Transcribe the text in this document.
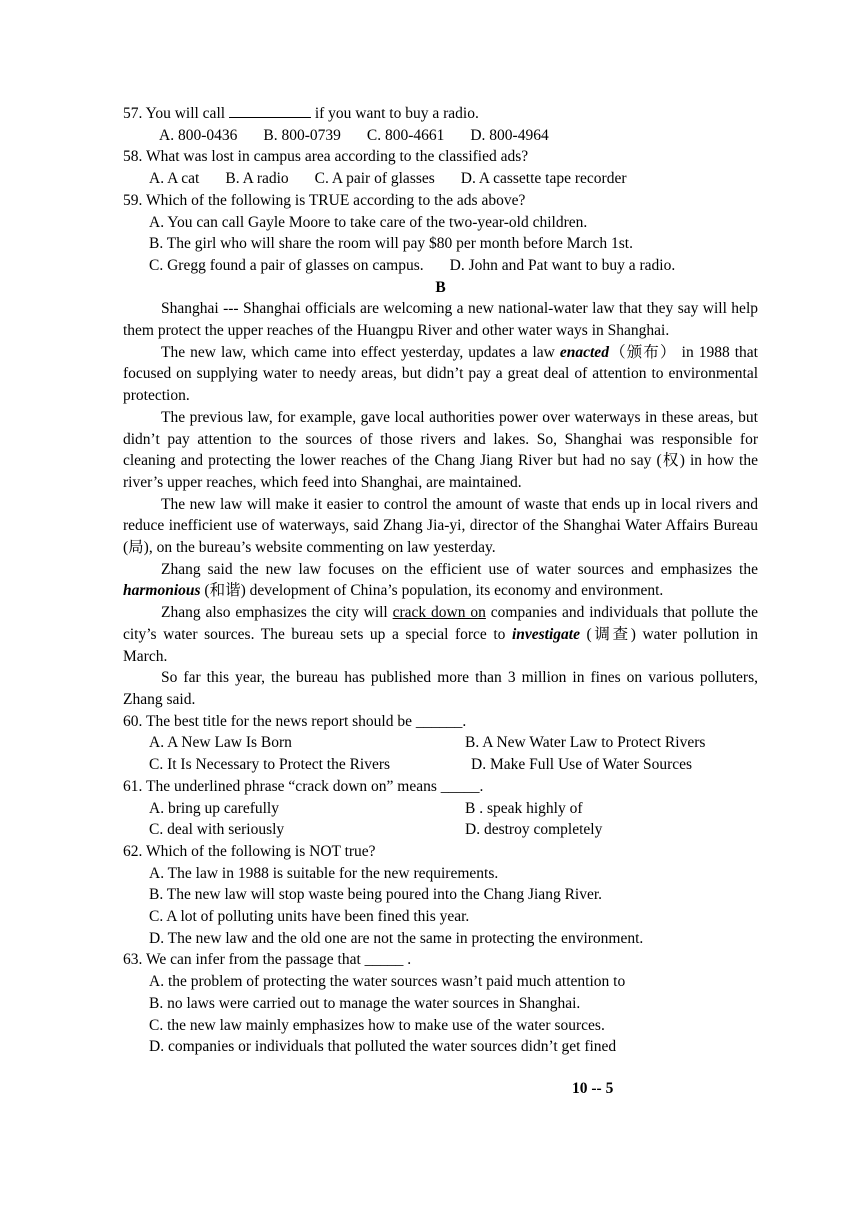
57. You will call	if you want to buy a radio.
A. 800-0436 B. 800-0739 C. 800-4661 D. 800-4964
58. What was lost in campus area according to the classified ads?
A. A cat B. A radio C. A pair of glasses D. A cassette tape recorder
59. Which of the following is TRUE according to the ads above?
A. You can call Gayle Moore to take care of the two-year-old children.
B. The girl who will share the room will pay $80 per month before March 1st.
C. Gregg found a pair of glasses on campus. D. John and Pat want to buy a radio.
B
Shanghai --- Shanghai officials are welcoming a new national-water law that they say will help them protect the upper reaches of the Huangpu River and other water ways in Shanghai.
The new law, which came into effect yesterday, updates a law enacted（颁布） in 1988 that focused on supplying water to needy areas, but didn’t pay a great deal of attention to environmental protection.
The previous law, for example, gave local authorities power over waterways in these areas, but didn’t pay attention to the sources of those rivers and lakes. So, Shanghai was responsible for cleaning and protecting the lower reaches of the Chang Jiang River but had no say (权) in how the river’s upper reaches, which feed into Shanghai, are maintained.
The new law will make it easier to control the amount of waste that ends up in local rivers and reduce inefficient use of waterways, said Zhang Jia-yi, director of the Shanghai Water Affairs Bureau (局), on the bureau’s website commenting on law yesterday.
Zhang said the new law focuses on the efficient use of water sources and emphasizes the harmonious (和谐) development of China’s population, its economy and environment.
Zhang also emphasizes the city will crack down on companies and individuals that pollute the city’s water sources. The bureau sets up a special force to investigate (调查) water pollution in March.
So far this year, the bureau has published more than 3 million in fines on various polluters, Zhang said.
60. The best title for the news report should be ______.
A. A New Law Is Born	B. A New Water Law to Protect Rivers
C. It Is Necessary to Protect the Rivers	D. Make Full Use of Water Sources
61. The underlined phrase “crack down on” means _____.
A. bring up carefully	B . speak highly of
C. deal with seriously	D. destroy completely
62. Which of the following is NOT true?
A. The law in 1988 is suitable for the new requirements.
B. The new law will stop waste being poured into the Chang Jiang River.
C. A lot of polluting units have been fined this year.
D. The new law and the old one are not the same in protecting the environment.
63. We can infer from the passage that _____ .
A. the problem of protecting the water sources wasn’t paid much attention to
B. no laws were carried out to manage the water sources in Shanghai.
C. the new law mainly emphasizes how to make use of the water sources.
D. companies or individuals that polluted the water sources didn’t get fined
10 -- 5
